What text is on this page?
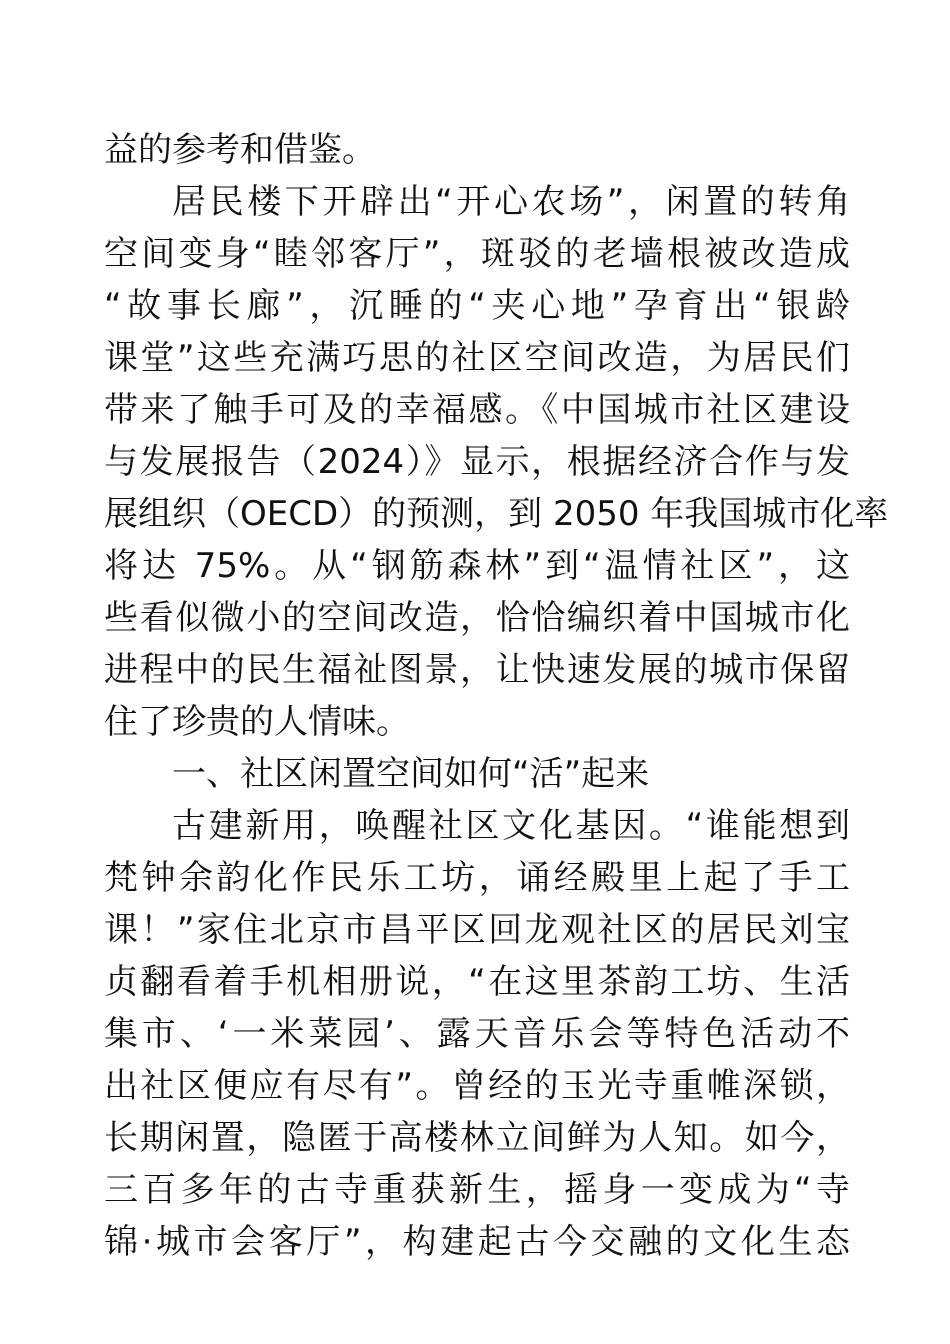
益的参考和借鉴。
居民楼下开辟出“开心农场”，闲置的转角
空间变身“睦邻客厅”，斑驳的老墙根被改造成
“故事长廊”，沉睡的“夹心地”孕育出“银龄
课堂”这些充满巧思的社区空间改造，为居民们
带来了触手可及的幸福感。《中国城市社区建设
与发展报告（2024）》显示，根据经济合作与发
展组织（OECD）的预测，到 2050 年我国城市化率
将达 75%。从“钢筋森林”到“温情社区”，这
些看似微小的空间改造，恰恰编织着中国城市化
进程中的民生福祉图景，让快速发展的城市保留
住了珍贵的人情味。
一、社区闲置空间如何“活”起来
古建新用，唤醒社区文化基因。“谁能想到
梵钟余韵化作民乐工坊，诵经殿里上起了手工
课！”家住北京市昌平区回龙观社区的居民刘宝
贞翻看着手机相册说，“在这里茶韵工坊、生活
集市、‘一米菜园’、露天音乐会等特色活动不
出社区便应有尽有”。曾经的玉光寺重帷深锁，
长期闲置，隐匿于高楼林立间鲜为人知。如今，
三百多年的古寺重获新生，摇身一变成为“寺
锦·城市会客厅”，构建起古今交融的文化生态
